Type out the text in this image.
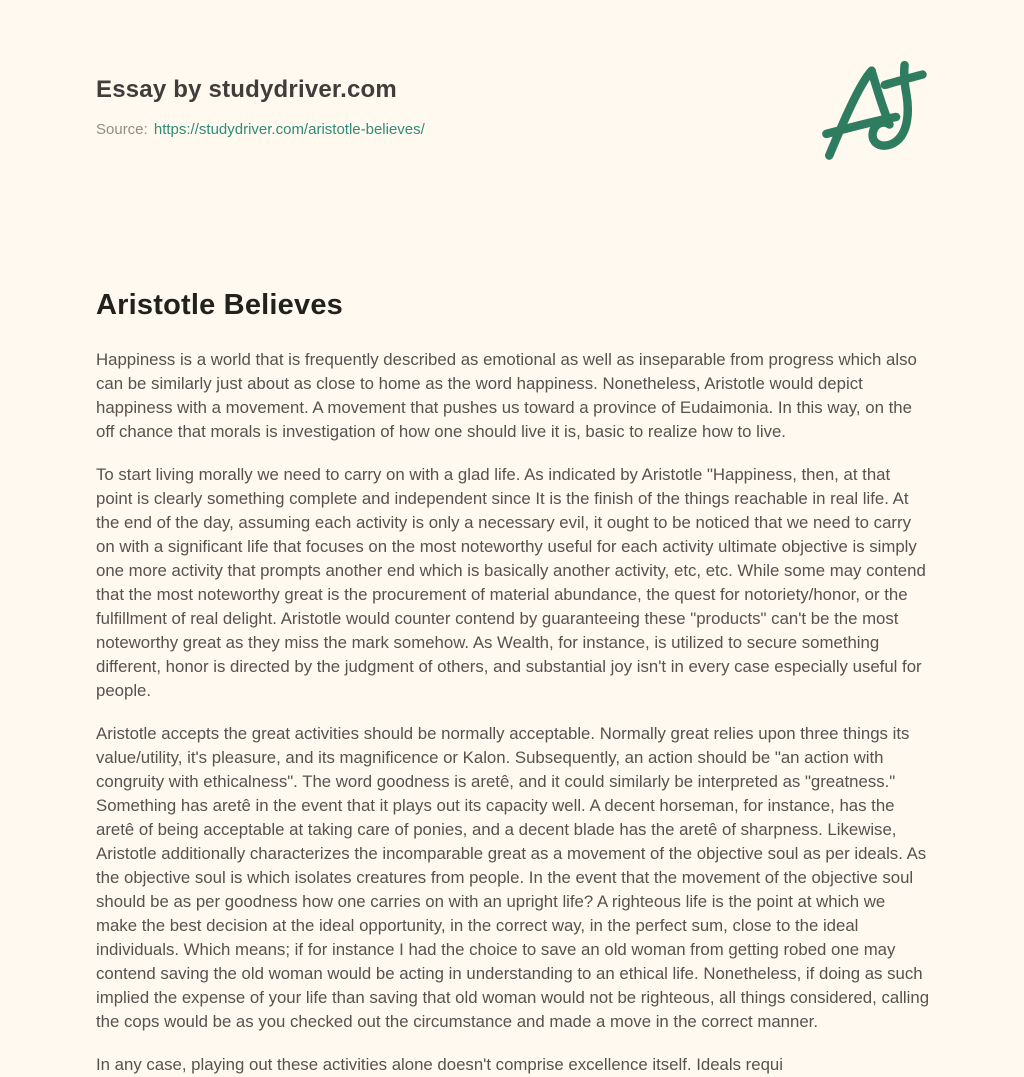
Essay by studydriver.com
Source: https://studydriver.com/aristotle-believes/
Aristotle Believes

Happiness is a world that is frequently described as emotional as well as inseparable from progress which also can be similarly just about as close to home as the word happiness. Nonetheless, Aristotle would depict happiness with a movement. A movement that pushes us toward a province of Eudaimonia. In this way, on the off chance that morals is investigation of how one should live it is, basic to realize how to live.

To start living morally we need to carry on with a glad life. As indicated by Aristotle "Happiness, then, at that point is clearly something complete and independent since It is the finish of the things reachable in real life. At the end of the day, assuming each activity is only a necessary evil, it ought to be noticed that we need to carry on with a significant life that focuses on the most noteworthy useful for each activity ultimate objective is simply one more activity that prompts another end which is basically another activity, etc, etc. While some may contend that the most noteworthy great is the procurement of material abundance, the quest for notoriety/honor, or the fulfillment of real delight. Aristotle would counter contend by guaranteeing these "products" can't be the most noteworthy great as they miss the mark somehow. As Wealth, for instance, is utilized to secure something different, honor is directed by the judgment of others, and substantial joy isn't in every case especially useful for people.

Aristotle accepts the great activities should be normally acceptable. Normally great relies upon three things its value/utility, it's pleasure, and its magnificence or Kalon. Subsequently, an action should be "an action with congruity with ethicalness". The word goodness is aretê, and it could similarly be interpreted as "greatness." Something has aretê in the event that it plays out its capacity well. A decent horseman, for instance, has the aretê of being acceptable at taking care of ponies, and a decent blade has the aretê of sharpness. Likewise, Aristotle additionally characterizes the incomparable great as a movement of the objective soul as per ideals. As the objective soul is which isolates creatures from people. In the event that the movement of the objective soul should be as per goodness how one carries on with an upright life? A righteous life is the point at which we make the best decision at the ideal opportunity, in the correct way, in the perfect sum, close to the ideal individuals. Which means; if for instance I had the choice to save an old woman from getting robed one may contend saving the old woman would be acting in understanding to an ethical life. Nonetheless, if doing as such implied the expense of your life than saving that old woman would not be righteous, all things considered, calling the cops would be as you checked out the circumstance and made a move in the correct manner.

In any case, playing out these activities alone doesn't comprise excellence itself. Ideals requi
